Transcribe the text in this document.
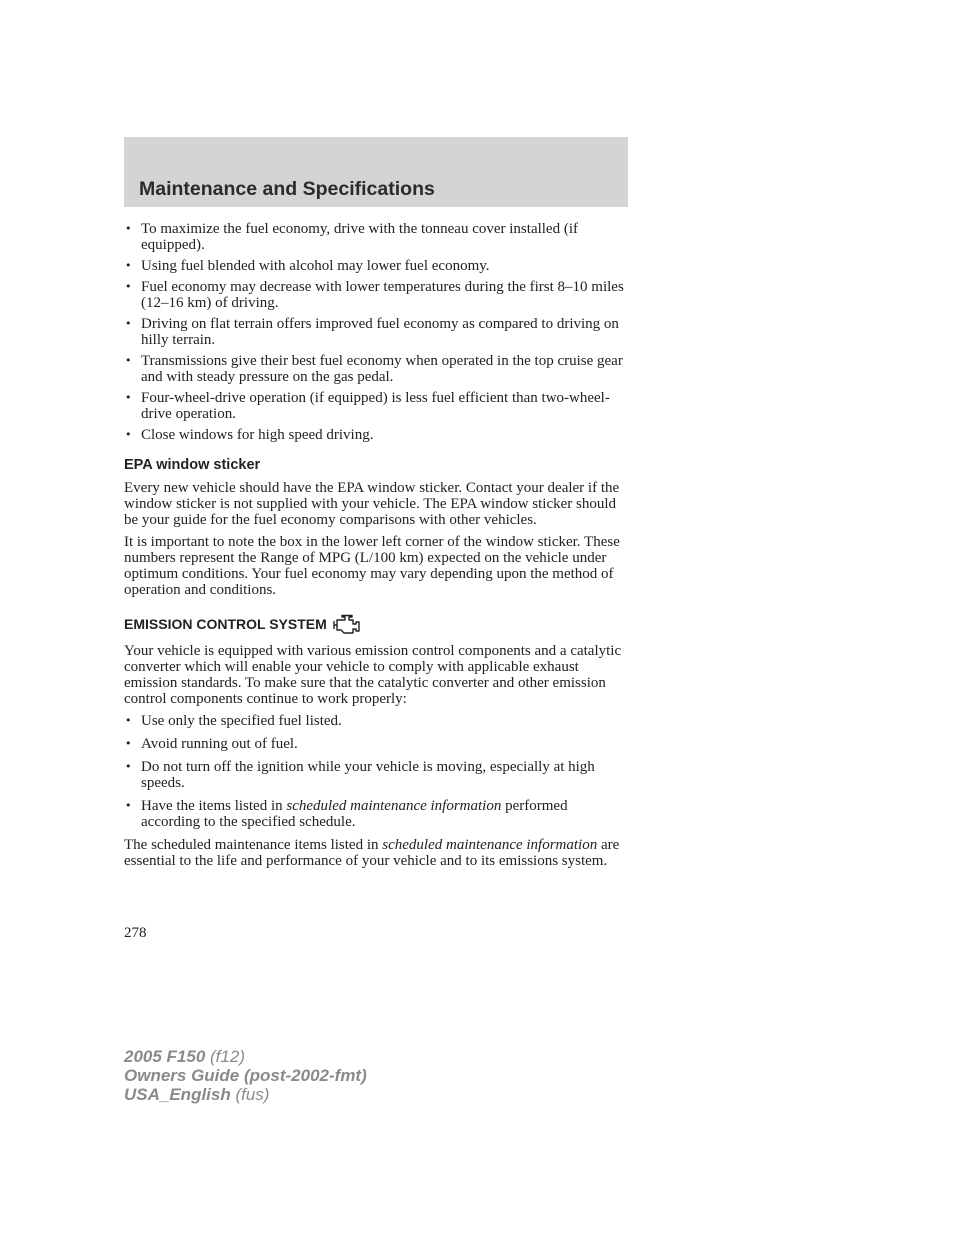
Maintenance and Specifications
• To maximize the fuel economy, drive with the tonneau cover installed (if equipped).
• Using fuel blended with alcohol may lower fuel economy.
• Fuel economy may decrease with lower temperatures during the first 8–10 miles (12–16 km) of driving.
• Driving on flat terrain offers improved fuel economy as compared to driving on hilly terrain.
• Transmissions give their best fuel economy when operated in the top cruise gear and with steady pressure on the gas pedal.
• Four-wheel-drive operation (if equipped) is less fuel efficient than two-wheel-drive operation.
• Close windows for high speed driving.
EPA window sticker

Every new vehicle should have the EPA window sticker. Contact your dealer if the window sticker is not supplied with your vehicle. The EPA window sticker should be your guide for the fuel economy comparisons with other vehicles.

It is important to note the box in the lower left corner of the window sticker. These numbers represent the Range of MPG (L/100 km) expected on the vehicle under optimum conditions. Your fuel economy may vary depending upon the method of operation and conditions.

EMISSION CONTROL SYSTEM

Your vehicle is equipped with various emission control components and a catalytic converter which will enable your vehicle to comply with applicable exhaust emission standards. To make sure that the catalytic converter and other emission control components continue to work properly:

• Use only the specified fuel listed.
• Avoid running out of fuel.
• Do not turn off the ignition while your vehicle is moving, especially at high speeds.
• Have the items listed in scheduled maintenance information performed according to the specified schedule.

The scheduled maintenance items listed in scheduled maintenance information are essential to the life and performance of your vehicle and to its emissions system.

278
2005 F150 (f12)
Owners Guide (post-2002-fmt)
USA_English (fus)
